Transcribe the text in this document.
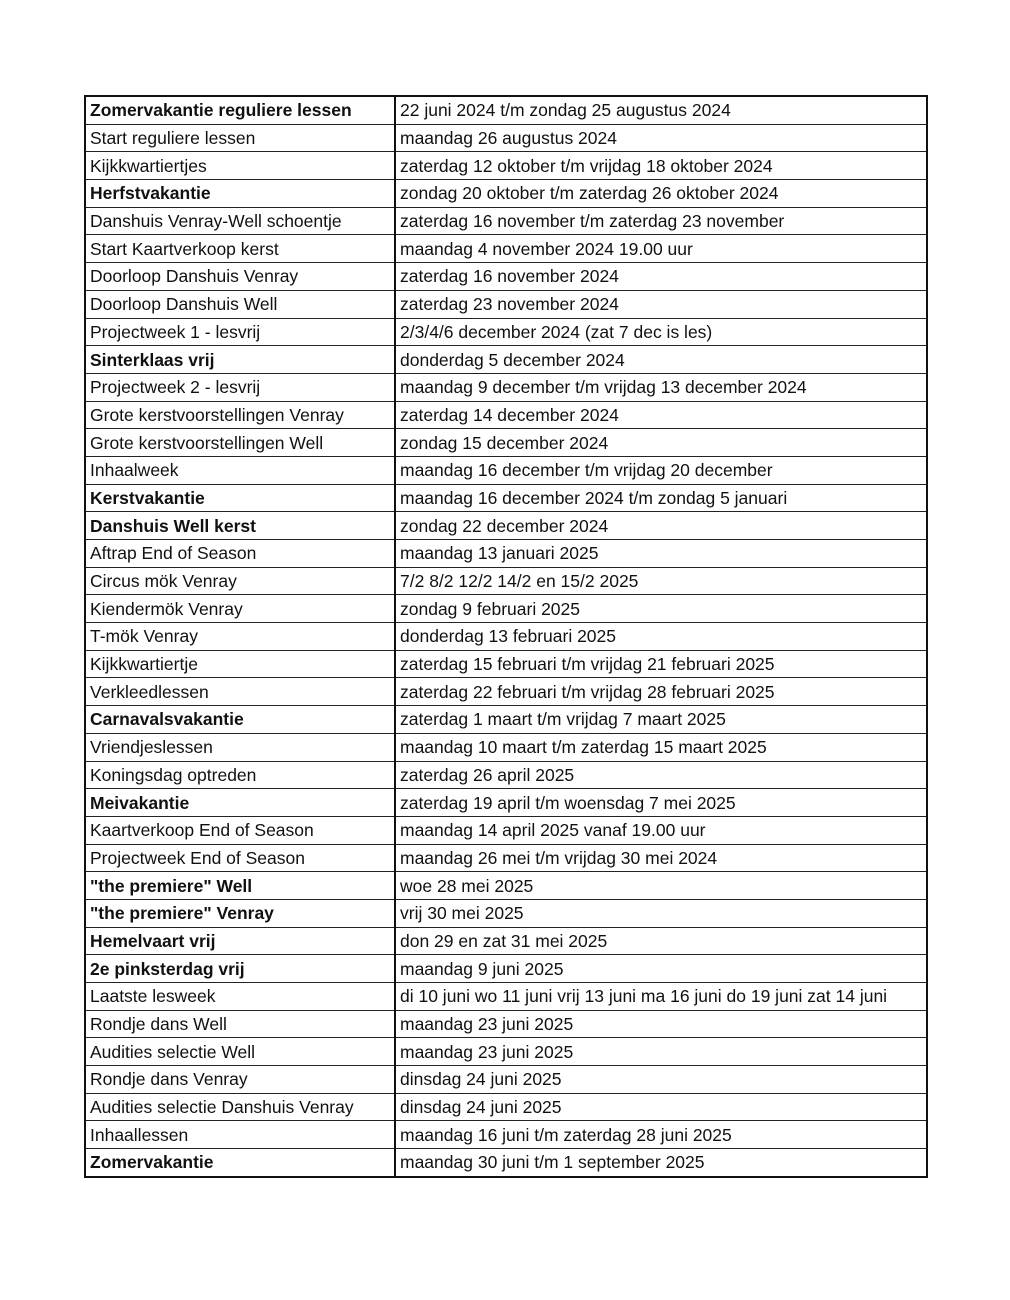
Zomervakantie reguliere lessen	22 juni 2024 t/m zondag 25 augustus 2024
Start reguliere lessen	maandag 26 augustus 2024
Kijkkwartiertjes	zaterdag 12 oktober t/m vrijdag 18 oktober 2024
Herfstvakantie	zondag 20 oktober t/m zaterdag 26 oktober 2024
Danshuis Venray-Well schoentje	zaterdag 16 november t/m zaterdag 23 november
Start Kaartverkoop kerst	maandag 4 november 2024 19.00 uur
Doorloop Danshuis Venray	zaterdag 16 november 2024
Doorloop Danshuis Well	zaterdag 23 november 2024
Projectweek 1 - lesvrij	2/3/4/6 december 2024 (zat 7 dec is les)
Sinterklaas vrij	donderdag 5 december 2024
Projectweek 2 - lesvrij	maandag 9 december t/m vrijdag 13 december 2024
Grote kerstvoorstellingen Venray	zaterdag 14 december 2024
Grote kerstvoorstellingen Well	zondag 15 december 2024
Inhaalweek	maandag 16 december t/m vrijdag 20 december
Kerstvakantie	maandag 16 december 2024 t/m zondag 5 januari
Danshuis Well kerst	zondag 22 december 2024
Aftrap End of Season	maandag 13 januari 2025
Circus mök Venray	7/2 8/2 12/2 14/2 en 15/2 2025
Kiendermök Venray	zondag 9 februari 2025
T-mök Venray	donderdag 13 februari 2025
Kijkkwartiertje	zaterdag 15 februari t/m vrijdag 21 februari 2025
Verkleedlessen	zaterdag 22 februari t/m vrijdag 28 februari 2025
Carnavalsvakantie	zaterdag 1 maart t/m vrijdag 7 maart 2025
Vriendjeslessen	maandag 10 maart t/m zaterdag 15 maart 2025
Koningsdag optreden	zaterdag 26 april 2025
Meivakantie	zaterdag 19 april t/m woensdag 7 mei 2025
Kaartverkoop End of Season	maandag 14 april 2025 vanaf 19.00 uur
Projectweek End of Season	maandag 26 mei t/m vrijdag 30 mei 2024
"the premiere" Well	woe 28 mei 2025
"the premiere" Venray	vrij 30 mei 2025
Hemelvaart vrij	don 29 en zat 31 mei 2025
2e pinksterdag vrij	maandag 9 juni 2025
Laatste lesweek	di 10 juni wo 11 juni vrij 13 juni ma 16 juni do 19 juni zat 14 juni
Rondje dans Well	maandag 23 juni 2025
Audities selectie Well	maandag 23 juni 2025
Rondje dans Venray	dinsdag 24 juni 2025
Audities selectie Danshuis Venray	dinsdag 24 juni 2025
Inhaallessen	maandag 16 juni t/m zaterdag 28 juni 2025
Zomervakantie	maandag 30 juni t/m 1 september 2025
